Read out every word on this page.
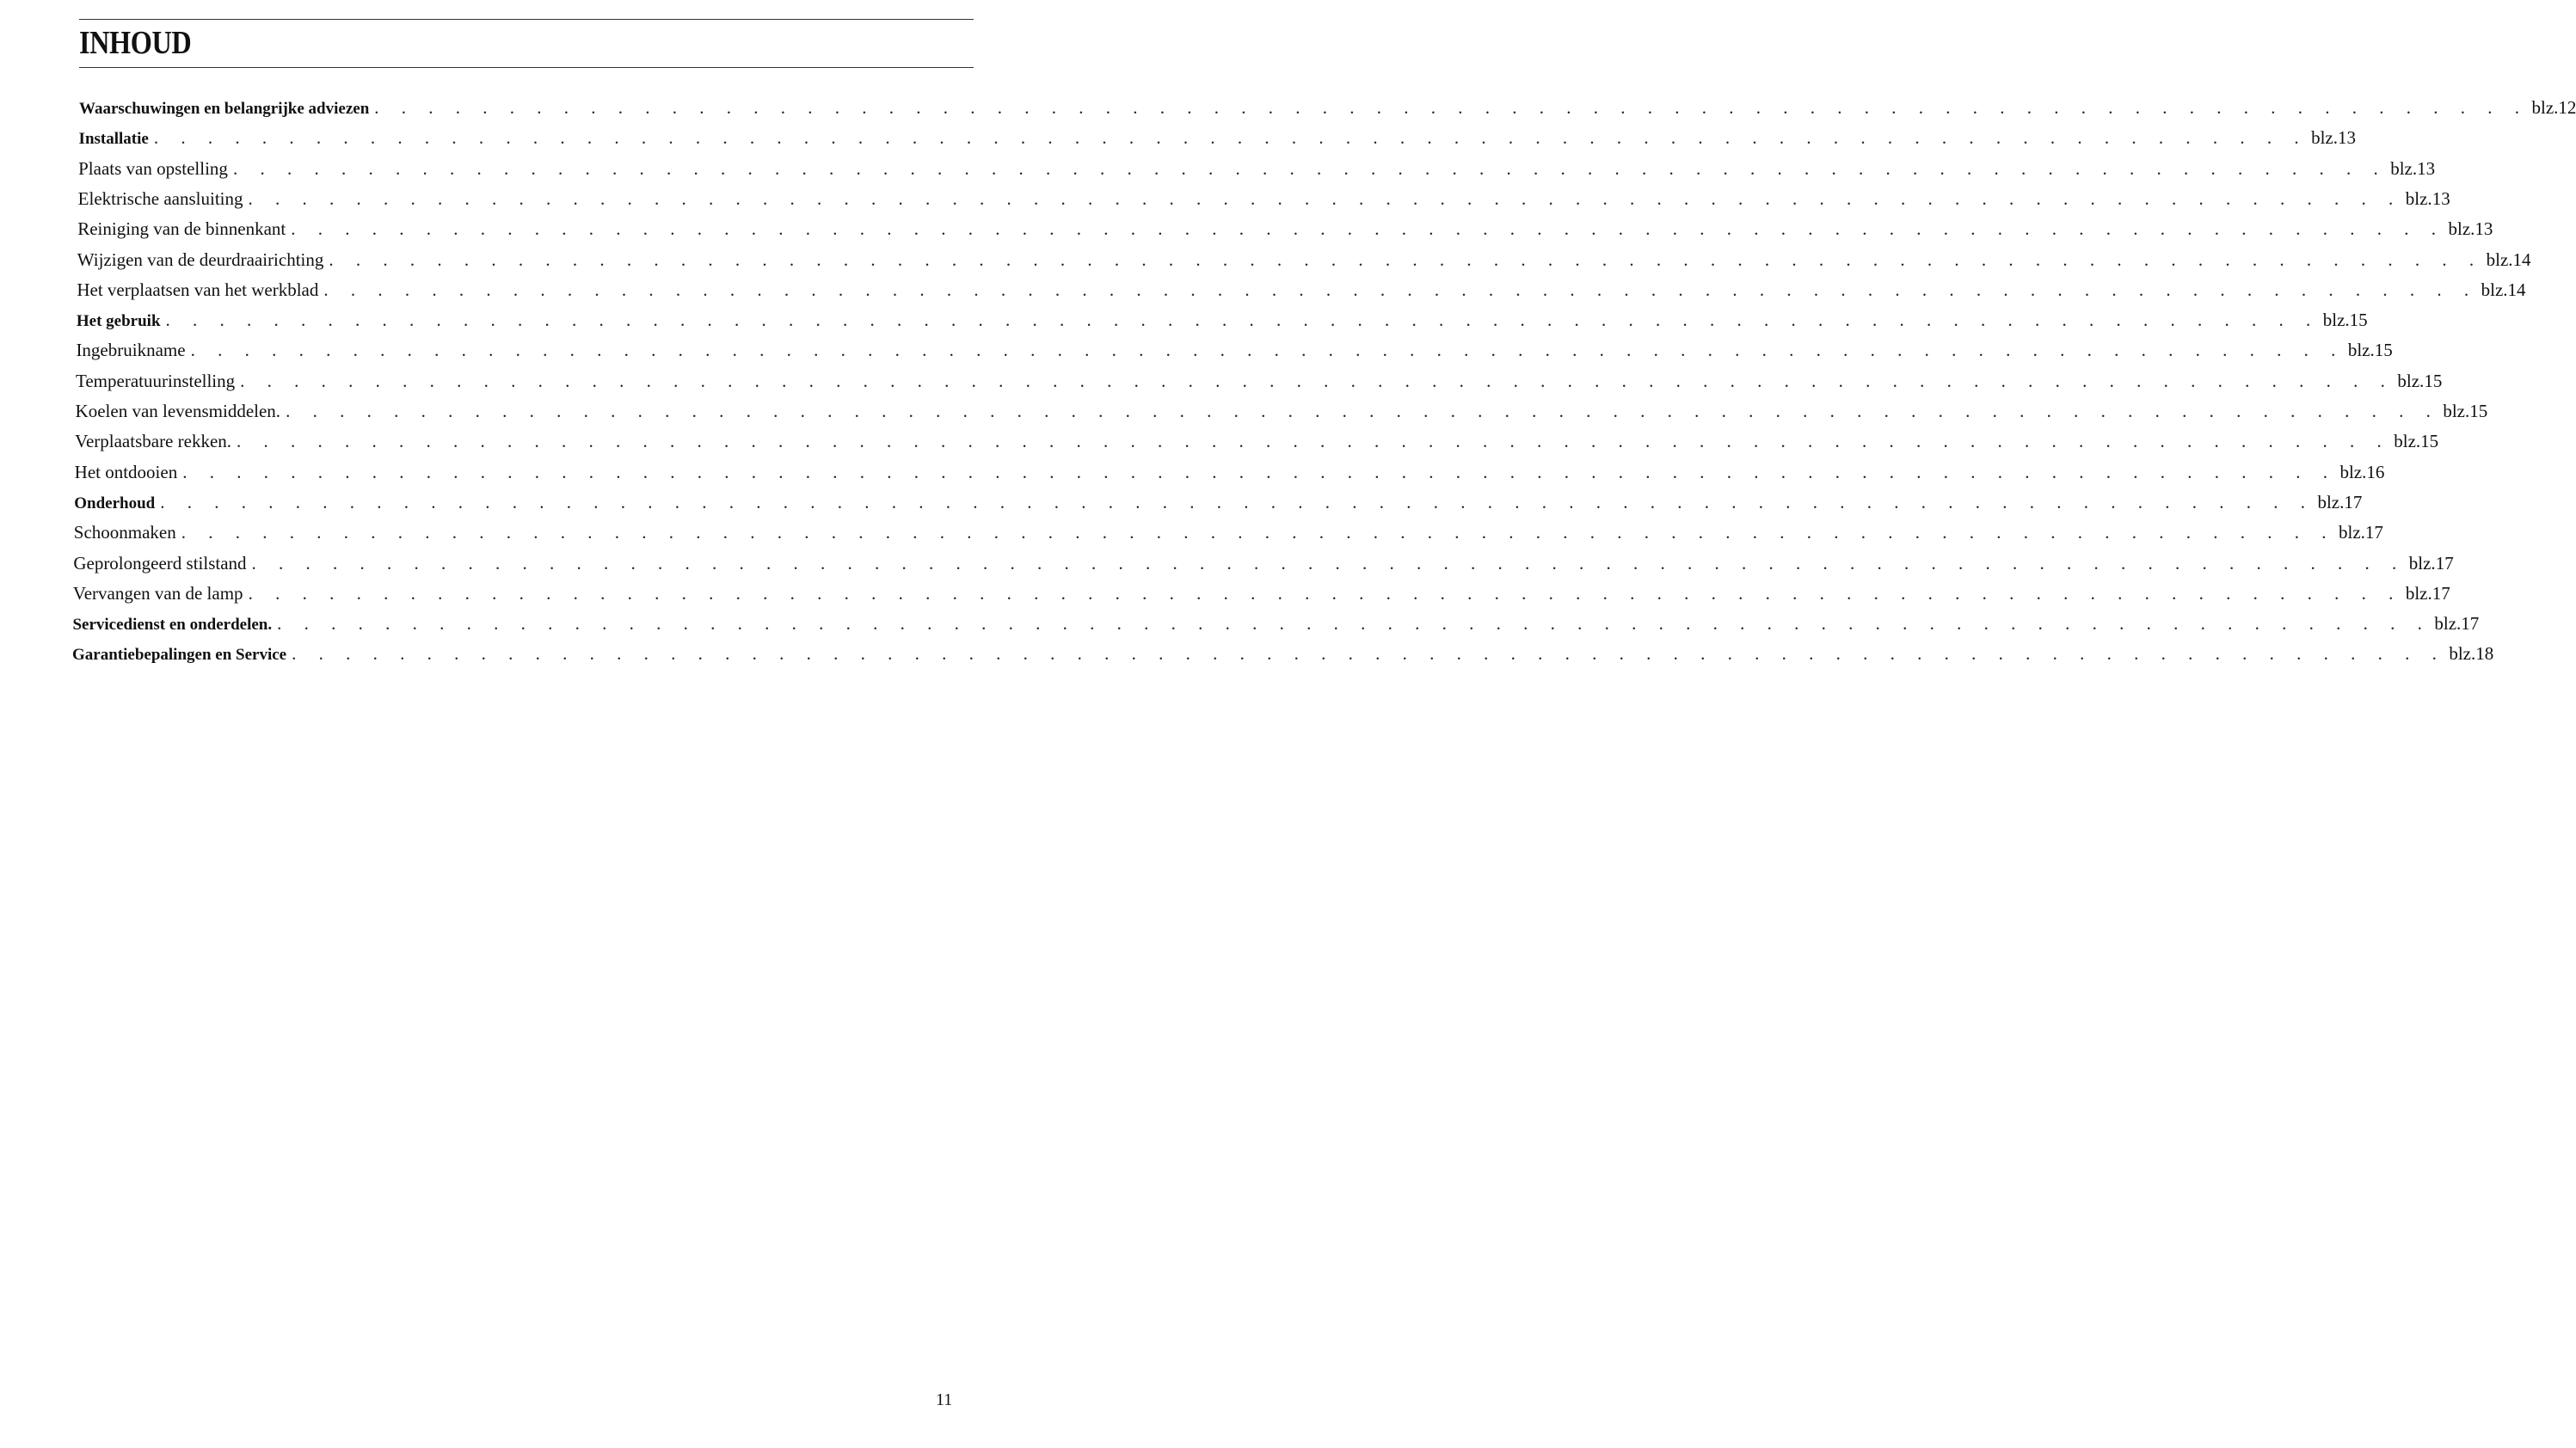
INHOUD
Waarschuwingen en belangrijke adviezen . . . . . . . . . . . . . . . . . . . . . . . . . . . . . . . . . . . . . . . . . . . . . . . . . . . . . . . . . . . . . . . . . . . . . . . . . . . . . . . . blz. 12
Installatie . . . . . . . . . . . . . . . . . . . . . . . . . . . . . . . . . . . . . . . . . . . . . . . . . . . . . . . . . . . . . . . . . . . . . . . . . . . . . . . . blz. 13
Plaats van opstelling . . . . . . . . . . . . . . . . . . . . . . . . . . . . . . . . . . . . . . . . . . . . . . . . . . . . . . . . . . . . . . . . . . . . . . . . . . . . . . . . blz. 13
Elektrische aansluiting . . . . . . . . . . . . . . . . . . . . . . . . . . . . . . . . . . . . . . . . . . . . . . . . . . . . . . . . . . . . . . . . . . . . . . . . . . . . . . . . blz. 13
Reiniging van de binnenkant . . . . . . . . . . . . . . . . . . . . . . . . . . . . . . . . . . . . . . . . . . . . . . . . . . . . . . . . . . . . . . . . . . . . . . . . . . . . . . . . blz. 13
Wijzigen van de deurdraairichting . . . . . . . . . . . . . . . . . . . . . . . . . . . . . . . . . . . . . . . . . . . . . . . . . . . . . . . . . . . . . . . . . . . . . . . . . . . . . . . . blz. 14
Het verplaatsen van het werkblad . . . . . . . . . . . . . . . . . . . . . . . . . . . . . . . . . . . . . . . . . . . . . . . . . . . . . . . . . . . . . . . . . . . . . . . . . . . . . . . . blz. 14
Het gebruik . . . . . . . . . . . . . . . . . . . . . . . . . . . . . . . . . . . . . . . . . . . . . . . . . . . . . . . . . . . . . . . . . . . . . . . . . . . . . . . . blz. 15
Ingebruikname . . . . . . . . . . . . . . . . . . . . . . . . . . . . . . . . . . . . . . . . . . . . . . . . . . . . . . . . . . . . . . . . . . . . . . . . . . . . . . . . blz. 15
Temperatuurinstelling . . . . . . . . . . . . . . . . . . . . . . . . . . . . . . . . . . . . . . . . . . . . . . . . . . . . . . . . . . . . . . . . . . . . . . . . . . . . . . . . blz. 15
Koelen van levensmiddelen. . . . . . . . . . . . . . . . . . . . . . . . . . . . . . . . . . . . . . . . . . . . . . . . . . . . . . . . . . . . . . . . . . . . . . . . . . . . . . . . . blz. 15
Verplaatsbare rekken. . . . . . . . . . . . . . . . . . . . . . . . . . . . . . . . . . . . . . . . . . . . . . . . . . . . . . . . . . . . . . . . . . . . . . . . . . . . . . . . . blz. 15
Het ontdooien . . . . . . . . . . . . . . . . . . . . . . . . . . . . . . . . . . . . . . . . . . . . . . . . . . . . . . . . . . . . . . . . . . . . . . . . . . . . . . . . blz. 16
Onderhoud . . . . . . . . . . . . . . . . . . . . . . . . . . . . . . . . . . . . . . . . . . . . . . . . . . . . . . . . . . . . . . . . . . . . . . . . . . . . . . . . blz. 17
Schoonmaken . . . . . . . . . . . . . . . . . . . . . . . . . . . . . . . . . . . . . . . . . . . . . . . . . . . . . . . . . . . . . . . . . . . . . . . . . . . . . . . . blz. 17
Geprolongeerd stilstand . . . . . . . . . . . . . . . . . . . . . . . . . . . . . . . . . . . . . . . . . . . . . . . . . . . . . . . . . . . . . . . . . . . . . . . . . . . . . . . . blz. 17
Vervangen van de lamp . . . . . . . . . . . . . . . . . . . . . . . . . . . . . . . . . . . . . . . . . . . . . . . . . . . . . . . . . . . . . . . . . . . . . . . . . . . . . . . . blz. 17
Servicedienst en onderdelen. . . . . . . . . . . . . . . . . . . . . . . . . . . . . . . . . . . . . . . . . . . . . . . . . . . . . . . . . . . . . . . . . . . . . . . . . . . . . . . . . blz. 17
Garantiebepalingen en Service . . . . . . . . . . . . . . . . . . . . . . . . . . . . . . . . . . . . . . . . . . . . . . . . . . . . . . . . . . . . . . . . . . . . . . . . . . . . . . . . blz. 18
11
